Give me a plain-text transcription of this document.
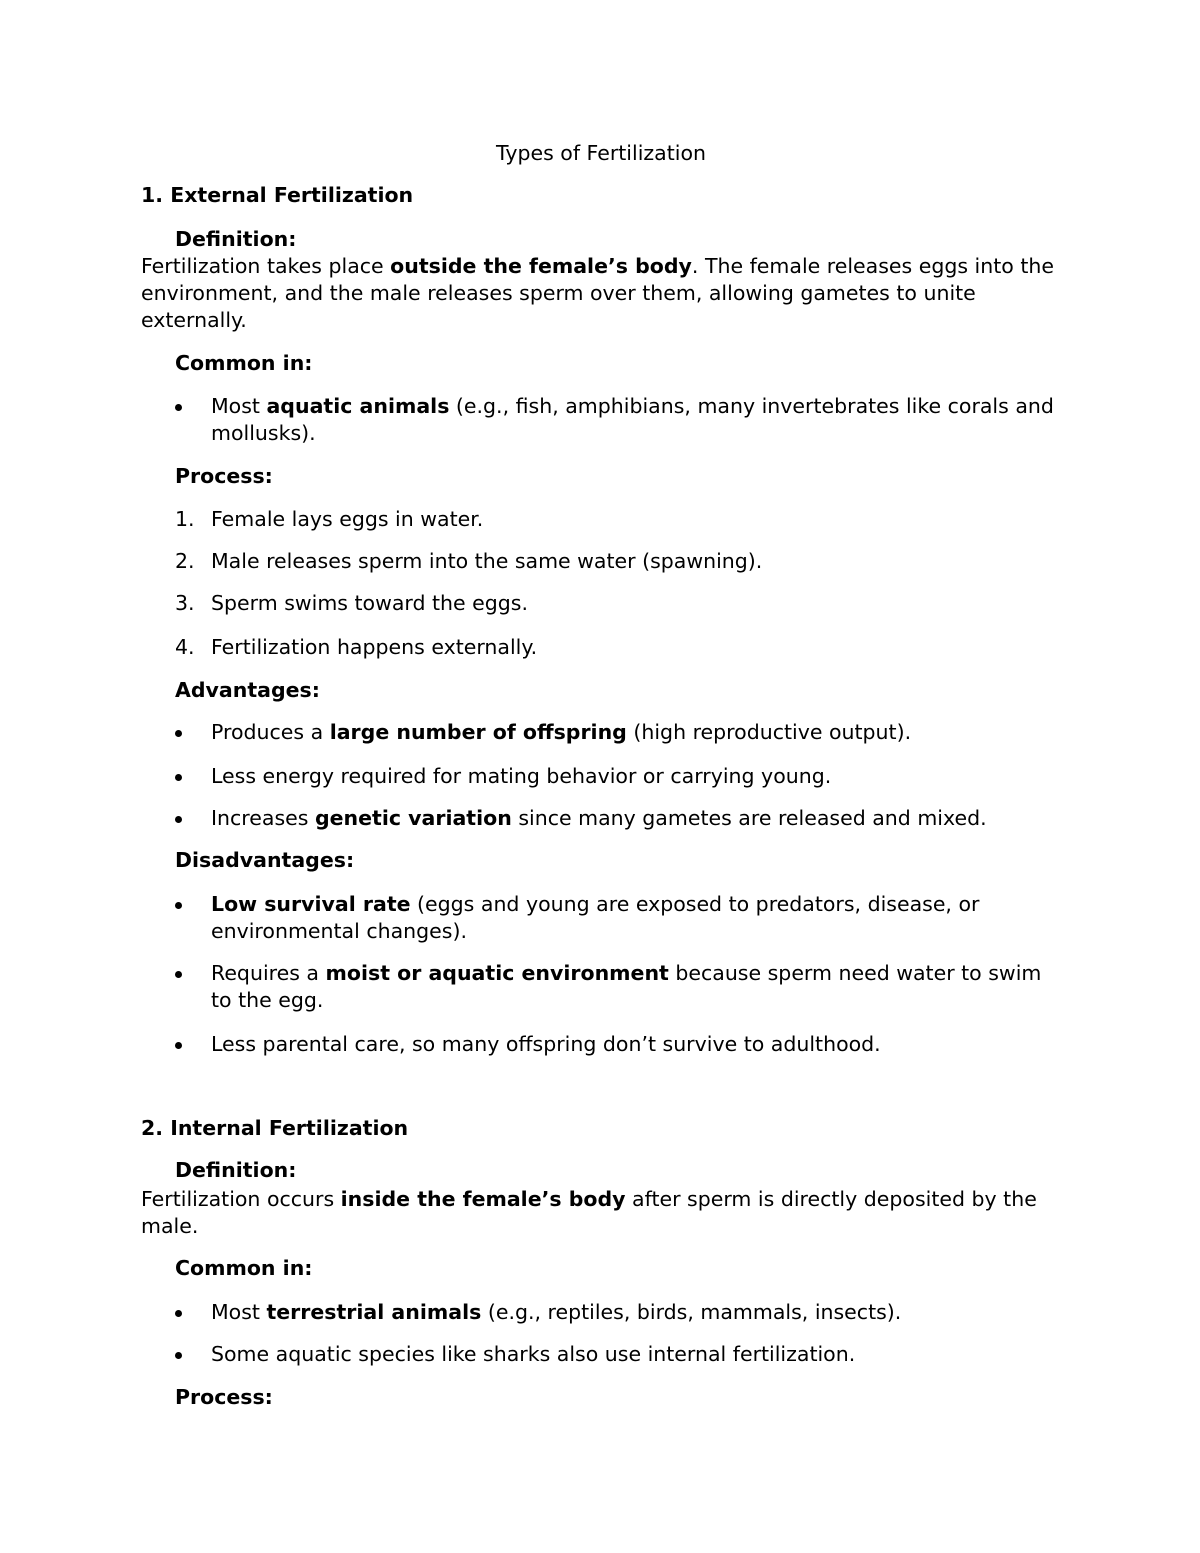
Types of Fertilization
1. External Fertilization
Definition:
Fertilization takes place outside the female’s body. The female releases eggs into the environment, and the male releases sperm over them, allowing gametes to unite externally.
Common in:
Most aquatic animals (e.g., fish, amphibians, many invertebrates like corals and mollusks).
Process:
1. Female lays eggs in water.
2. Male releases sperm into the same water (spawning).
3. Sperm swims toward the eggs.
4. Fertilization happens externally.
Advantages:
Produces a large number of offspring (high reproductive output).
Less energy required for mating behavior or carrying young.
Increases genetic variation since many gametes are released and mixed.
Disadvantages:
Low survival rate (eggs and young are exposed to predators, disease, or environmental changes).
Requires a moist or aquatic environment because sperm need water to swim to the egg.
Less parental care, so many offspring don’t survive to adulthood.
2. Internal Fertilization
Definition:
Fertilization occurs inside the female’s body after sperm is directly deposited by the male.
Common in:
Most terrestrial animals (e.g., reptiles, birds, mammals, insects).
Some aquatic species like sharks also use internal fertilization.
Process:
